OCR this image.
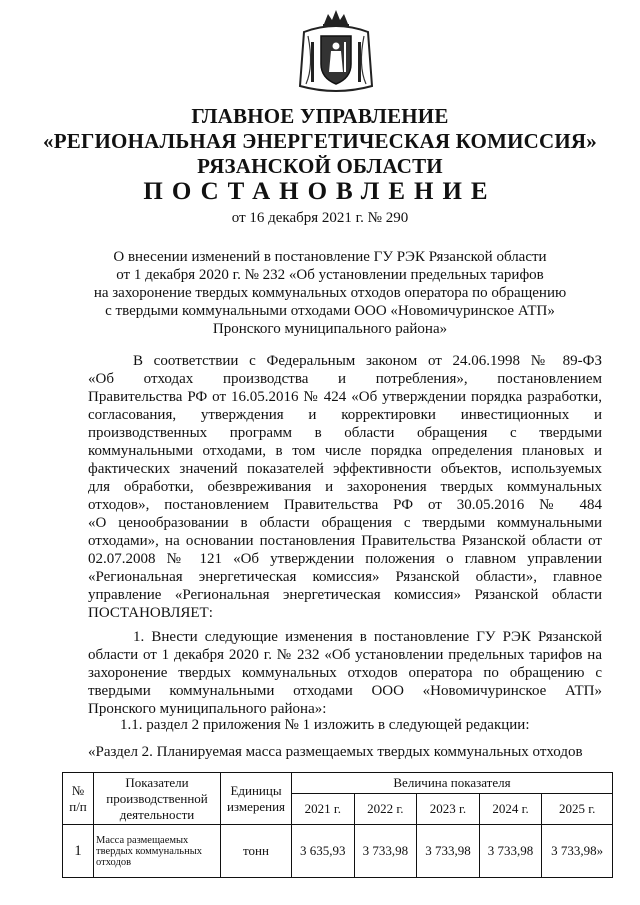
ГЛАВНОЕ УПРАВЛЕНИЕ
«РЕГИОНАЛЬНАЯ ЭНЕРГЕТИЧЕСКАЯ КОМИССИЯ»
РЯЗАНСКОЙ ОБЛАСТИ
ПОСТАНОВЛЕНИЕ
от 16 декабря 2021 г. № 290
О внесении изменений в постановление ГУ РЭК Рязанской области
от 1 декабря 2020 г. № 232 «Об установлении предельных тарифов
на захоронение твердых коммунальных отходов оператора по обращению
с твердыми коммунальными отходами ООО «Новомичуринское АТП»
Пронского муниципального района»
В соответствии с Федеральным законом от 24.06.1998 № 89-ФЗ
«Об отходах производства и потребления», постановлением
Правительства РФ от 16.05.2016 № 424 «Об утверждении порядка разработки,
согласования, утверждения и корректировки инвестиционных и
производственных программ в области обращения с твердыми
коммунальными отходами, в том числе порядка определения плановых и
фактических значений показателей эффективности объектов, используемых
для обработки, обезвреживания и захоронения твердых коммунальных
отходов», постановлением Правительства РФ от 30.05.2016 № 484
«О ценообразовании в области обращения с твердыми коммунальными
отходами», на основании постановления Правительства Рязанской области от
02.07.2008 № 121 «Об утверждении положения о главном управлении
«Региональная энергетическая комиссия» Рязанской области», главное
управление «Региональная энергетическая комиссия» Рязанской области
ПОСТАНОВЛЯЕТ:
1. Внести следующие изменения в постановление ГУ РЭК Рязанской
области от 1 декабря 2020 г. № 232 «Об установлении предельных тарифов на
захоронение твердых коммунальных отходов оператора по обращению с
твердыми коммунальными отходами ООО «Новомичуринское АТП»
Пронского муниципального района»:
1.1. раздел 2 приложения № 1 изложить в следующей редакции:
«Раздел 2. Планируемая масса размещаемых твердых коммунальных отходов
№ п/п	Показатели производственной деятельности	Единицы измерения	Величина показателя				
			2021 г.	2022 г.	2023 г.	2024 г.	2025 г.
1	Масса размещаемых твердых коммунальных отходов	тонн	3 635,93	3 733,98	3 733,98	3 733,98	3 733,98»
